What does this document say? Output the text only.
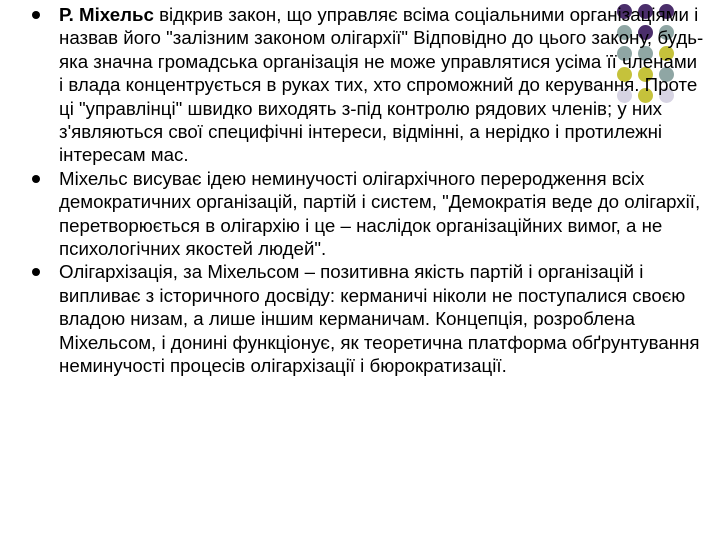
Р. Міхельс відкрив закон, що управляє всіма соціальними організаціями і назвав його "залізним законом олігархії" Відповідно до цього закону, будь-яка значна громадська організація не може управлятися усіма її членами і влада концентрується в руках тих, хто спроможний до керування. Проте ці "управлінці" швидко виходять з-під контролю рядових членів; у них з'являються свої специфічні інтереси, відмінні, а нерідко і протилежні інтересам мас.
Міхельс висуває ідею неминучості олігархічного переродження всіх демократичних організацій, партій і систем, "Демократія веде до олігархії, перетворюється в олігархію і це – наслідок організаційних вимог, а не психологічних якостей людей".
Олігархізація, за Міхельсом – позитивна якість партій і організацій і випливає з історичного досвіду: керманичі ніколи не поступалися своєю владою низам, а лише іншим керманичам. Концепція, розроблена Міхельсом, і донині функціонує, як теоретична платформа обґрунтування неминучості процесів олігархізації і бюрократизації.
